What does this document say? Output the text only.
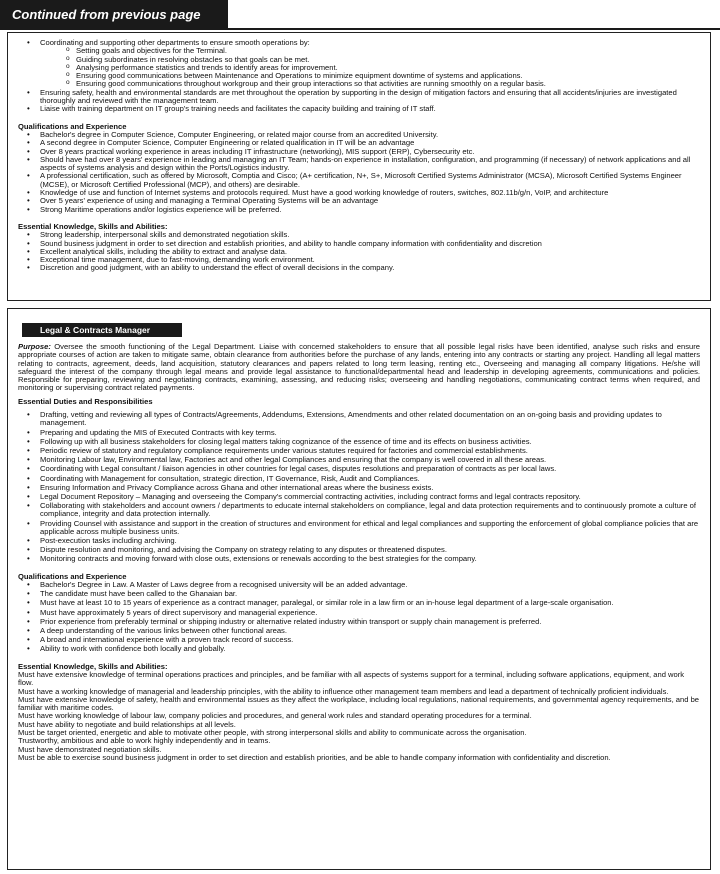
Continued from previous page
• Coordinating and supporting other departments to ensure smooth operations by:
o Setting goals and objectives for the Terminal.
o Guiding subordinates in resolving obstacles so that goals can be met.
o Analysing performance statistics and trends to identify areas for improvement.
o Ensuring good communications between Maintenance and Operations to minimize equipment downtime of systems and applications.
o Ensuring good communications throughout workgroup and their group interactions so that activities are running smoothly on a regular basis.
• Ensuring safety, health and environmental standards are met throughout the operation by supporting in the design of mitigation factors and ensuring that all accidents/injuries are investigated thoroughly and reviewed with the management team.
• Liaise with training department on IT group's training needs and facilitates the capacity building and training of IT staff.
Qualifications and Experience
• Bachelor's degree in Computer Science, Computer Engineering, or related major course from an accredited University.
• A second degree in Computer Science, Computer Engineering or related qualification in IT will be an advantage
• Over 8 years practical working experience in areas including IT infrastructure (networking), MIS support (ERP), Cybersecurity etc.
• Should have had over 8 years' experience in leading and managing an IT Team; hands-on experience in installation, configuration, and programming (if necessary) of network applications and all aspects of systems analysis and design within the Ports/Logistics industry.
• A professional certification, such as offered by Microsoft, Comptia and Cisco; (A+ certification, N+, S+, Microsoft Certified Systems Administrator (MCSA), Microsoft Certified Systems Engineer (MCSE), or Microsoft Certified Professional (MCP), and others) are desirable.
• Knowledge of use and function of Internet systems and protocols required. Must have a good working knowledge of routers, switches, 802.11b/g/n, VoIP, and architecture
• Over 5 years' experience of using and managing a Terminal Operating Systems will be an advantage
• Strong Maritime operations and/or logistics experience will be preferred.
Essential Knowledge, Skills and Abilities:
• Strong leadership, interpersonal skills and demonstrated negotiation skills.
• Sound business judgment in order to set direction and establish priorities, and ability to handle company information with confidentiality and discretion
• Excellent analytical skills, including the ability to extract and analyse data.
• Exceptional time management, due to fast-moving, demanding work environment.
• Discretion and good judgment, with an ability to understand the effect of overall decisions in the company.
Legal & Contracts Manager

Purpose: Oversee the smooth functioning of the Legal Department. Liaise with concerned stakeholders to ensure that all possible legal risks have been identified, analyse such risks and ensure appropriate courses of action are taken to mitigate same, obtain clearance from authorities before the purchase of any lands, entering into any contracts or starting any project. Handling all legal matters relating to contracts, agreement, deeds, land acquisition, statutory clearances and papers related to long term leasing, renting etc., Overseeing and managing all company litigations. He/she will safeguard the interest of the company through legal means and provide legal assistance to functional/departmental head and leadership in developing agreements, communications and policies. Responsible for preparing, reviewing and negotiating contracts, examining, assessing, and reducing risks; overseeing and handling negotiations, communicating contract terms when required, and monitoring or supervising contract related payments.

Essential Duties and Responsibilities
• Drafting, vetting and reviewing all types of Contracts/Agreements, Addendums, Extensions, Amendments and other related documentation on an on-going basis and providing updates to management.
• Preparing and updating the MIS of Executed Contracts with key terms.
• Following up with all business stakeholders for closing legal matters taking cognizance of the essence of time and its effects on business activities.
• Periodic review of statutory and regulatory compliance requirements under various statutes required for factories and commercial establishments.
• Monitoring Labour law, Environmental law, Factories act and other legal Compliances and ensuring that the company is well covered in all these areas.
• Coordinating with Legal consultant / liaison agencies in other countries for legal cases, disputes resolutions and preparation of contracts as per local laws.
• Coordinating with Management for consultation, strategic direction, IT Governance, Risk, Audit and Compliances.
• Ensuring Information and Privacy Compliance across Ghana and other international areas where the business exists.
• Legal Document Repository – Managing and overseeing the Company's commercial contracting activities, including contract forms and legal contracts repository.
• Collaborating with stakeholders and account owners / departments to educate internal stakeholders on compliance, legal and data protection requirements and to continuously promote a culture of compliance, integrity and data protection internally.
• Providing Counsel with assistance and support in the creation of structures and environment for ethical and legal compliances and supporting the enforcement of global compliance policies that are applicable across multiple business units.
• Post-execution tasks including archiving.
• Dispute resolution and monitoring, and advising the Company on strategy relating to any disputes or threatened disputes.
• Monitoring contracts and moving forward with close outs, extensions or renewals according to the best strategies for the company.
Qualifications and Experience
• Bachelor's Degree in Law. A Master of Laws degree from a recognised university will be an added advantage.
• The candidate must have been called to the Ghanaian bar.
• Must have at least 10 to 15 years of experience as a contract manager, paralegal, or similar role in a law firm or an in-house legal department of a large-scale organisation.
• Must have approximately 5 years of direct supervisory and managerial experience.
• Prior experience from preferably terminal or shipping industry or alternative related industry within transport or supply chain management is preferred.
• A deep understanding of the various links between other functional areas.
• A broad and international experience with a proven track record of success.
• Ability to work with confidence both locally and globally.
Essential Knowledge, Skills and Abilities:

Must have extensive knowledge of terminal operations practices and principles, and be familiar with all aspects of systems support for a terminal, including software applications, equipment, and work flow.

Must have a working knowledge of managerial and leadership principles, with the ability to influence other management team members and lead a department of technically proficient individuals.

Must have extensive knowledge of safety, health and environmental issues as they affect the workplace, including local regulations, national requirements, and governmental agency requirements, and be familiar with maritime codes.

Must have working knowledge of labour law, company policies and procedures, and general work rules and standard operating procedures for a terminal.

Must have ability to negotiate and build relationships at all levels.

Must be target oriented, energetic and able to motivate other people, with strong interpersonal skills and ability to communicate across the organisation.

Trustworthy, ambitious and able to work highly independently and in teams.

Must have demonstrated negotiation skills.

Must be able to exercise sound business judgment in order to set direction and establish priorities, and be able to handle company information with confidentiality and discretion.
